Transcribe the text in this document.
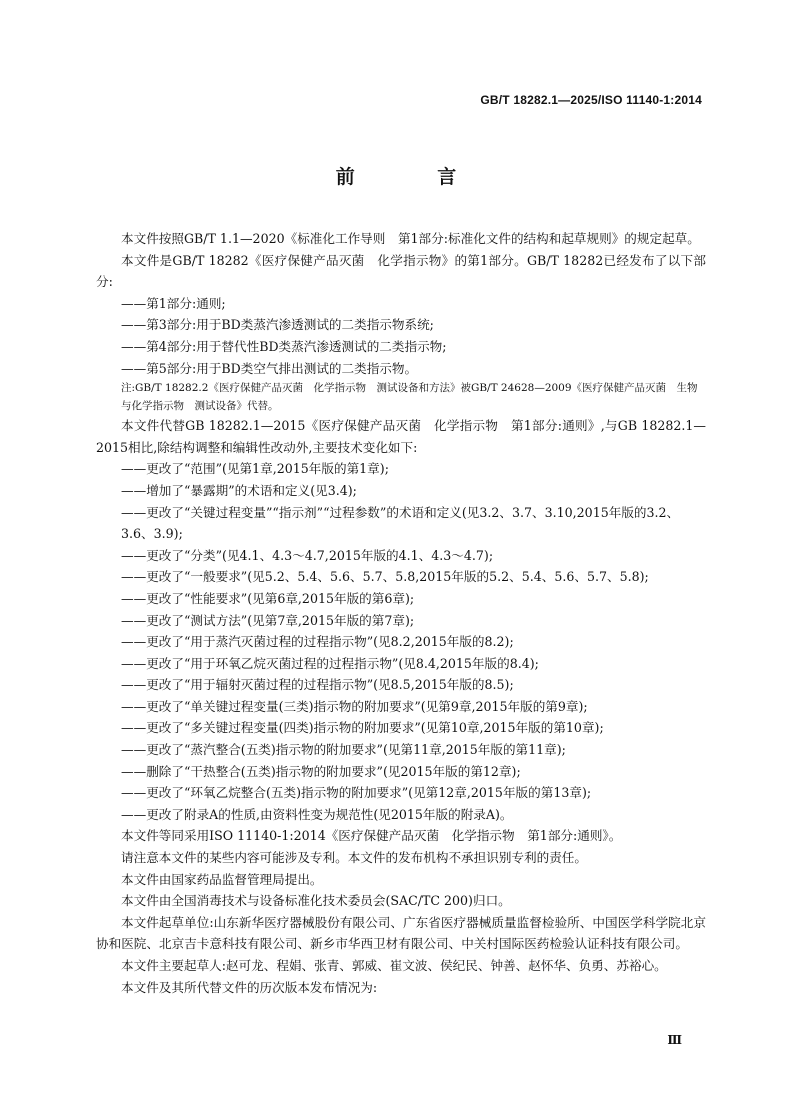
GB/T 18282.1—2025/ISO 11140-1:2014
前 言
本文件按照GB/T 1.1—2020《标准化工作导则　第1部分:标准化文件的结构和起草规则》的规定起草。
本文件是GB/T 18282《医疗保健产品灭菌　化学指示物》的第1部分。GB/T 18282已经发布了以下部分:
——第1部分:通则;
——第3部分:用于BD类蒸汽渗透测试的二类指示物系统;
——第4部分:用于替代性BD类蒸汽渗透测试的二类指示物;
——第5部分:用于BD类空气排出测试的二类指示物。
注:GB/T 18282.2《医疗保健产品灭菌　化学指示物　测试设备和方法》被GB/T 24628—2009《医疗保健产品灭菌　生物与化学指示物　测试设备》代替。
本文件代替GB 18282.1—2015《医疗保健产品灭菌　化学指示物　第1部分:通则》,与GB 18282.1—2015相比,除结构调整和编辑性改动外,主要技术变化如下:
——更改了“范围”(见第1章,2015年版的第1章);
——增加了“暴露期”的术语和定义(见3.4);
——更改了“关键过程变量”“指示剂”“过程参数”的术语和定义(见3.2、3.7、3.10,2015年版的3.2、3.6、3.9);
——更改了“分类”(见4.1、4.3～4.7,2015年版的4.1、4.3～4.7);
——更改了“一般要求”(见5.2、5.4、5.6、5.7、5.8,2015年版的5.2、5.4、5.6、5.7、5.8);
——更改了“性能要求”(见第6章,2015年版的第6章);
——更改了“测试方法”(见第7章,2015年版的第7章);
——更改了“用于蒸汽灭菌过程的过程指示物”(见8.2,2015年版的8.2);
——更改了“用于环氧乙烷灭菌过程的过程指示物”(见8.4,2015年版的8.4);
——更改了“用于辐射灭菌过程的过程指示物”(见8.5,2015年版的8.5);
——更改了“单关键过程变量(三类)指示物的附加要求”(见第9章,2015年版的第9章);
——更改了“多关键过程变量(四类)指示物的附加要求”(见第10章,2015年版的第10章);
——更改了“蒸汽整合(五类)指示物的附加要求”(见第11章,2015年版的第11章);
——删除了“干热整合(五类)指示物的附加要求”(见2015年版的第12章);
——更改了“环氧乙烷整合(五类)指示物的附加要求”(见第12章,2015年版的第13章);
——更改了附录A的性质,由资料性变为规范性(见2015年版的附录A)。
本文件等同采用ISO 11140-1:2014《医疗保健产品灭菌　化学指示物　第1部分:通则》。
请注意本文件的某些内容可能涉及专利。本文件的发布机构不承担识别专利的责任。
本文件由国家药品监督管理局提出。
本文件由全国消毒技术与设备标准化技术委员会(SAC/TC 200)归口。
本文件起草单位:山东新华医疗器械股份有限公司、广东省医疗器械质量监督检验所、中国医学科学院北京协和医院、北京吉卡意科技有限公司、新乡市华西卫材有限公司、中关村国际医药检验认证科技有限公司。
本文件主要起草人:赵可龙、程娟、张青、郭威、崔文波、侯纪民、钟善、赵怀华、负勇、苏裕心。
本文件及其所代替文件的历次版本发布情况为:
Ⅲ
